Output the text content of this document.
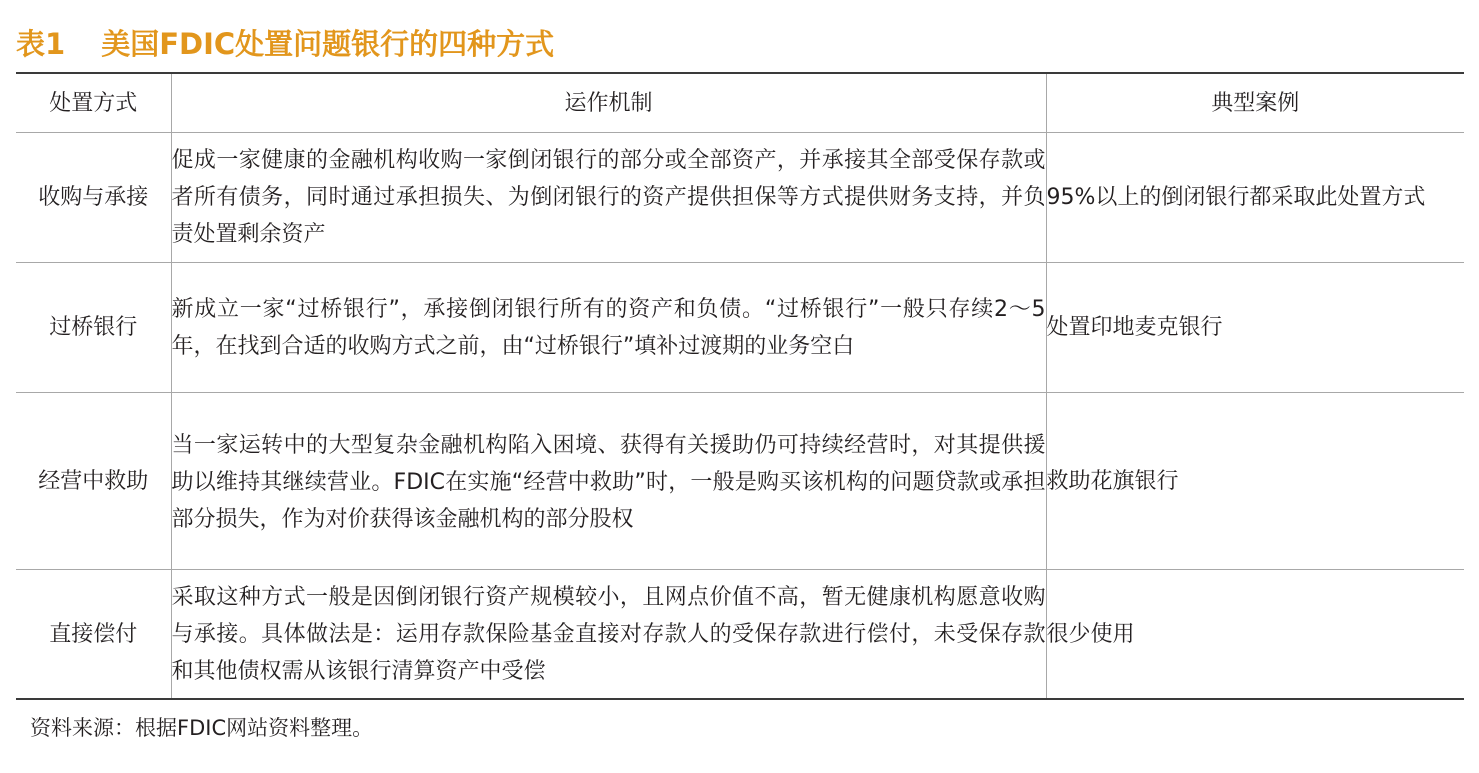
表1 美国FDIC处置问题银行的四种方式
处置方式	运作机制	典型案例
收购与承接	促成一家健康的金融机构收购一家倒闭银行的部分或全部资产，并承接其全部受保存款或者所有债务，同时通过承担损失、为倒闭银行的资产提供担保等方式提供财务支持，并负责处置剩余资产	95%以上的倒闭银行都采取此处置方式
过桥银行	新成立一家“过桥银行”，承接倒闭银行所有的资产和负债。“过桥银行”一般只存续2～5年，在找到合适的收购方式之前，由“过桥银行”填补过渡期的业务空白	处置印地麦克银行
经营中救助	当一家运转中的大型复杂金融机构陷入困境、获得有关援助仍可持续经营时，对其提供援助以维持其继续营业。FDIC在实施“经营中救助”时，一般是购买该机构的问题贷款或承担部分损失，作为对价获得该金融机构的部分股权	救助花旗银行
直接偿付	采取这种方式一般是因倒闭银行资产规模较小，且网点价值不高，暂无健康机构愿意收购与承接。具体做法是：运用存款保险基金直接对存款人的受保存款进行偿付，未受保存款和其他债权需从该银行清算资产中受偿	很少使用
资料来源：根据FDIC网站资料整理。
